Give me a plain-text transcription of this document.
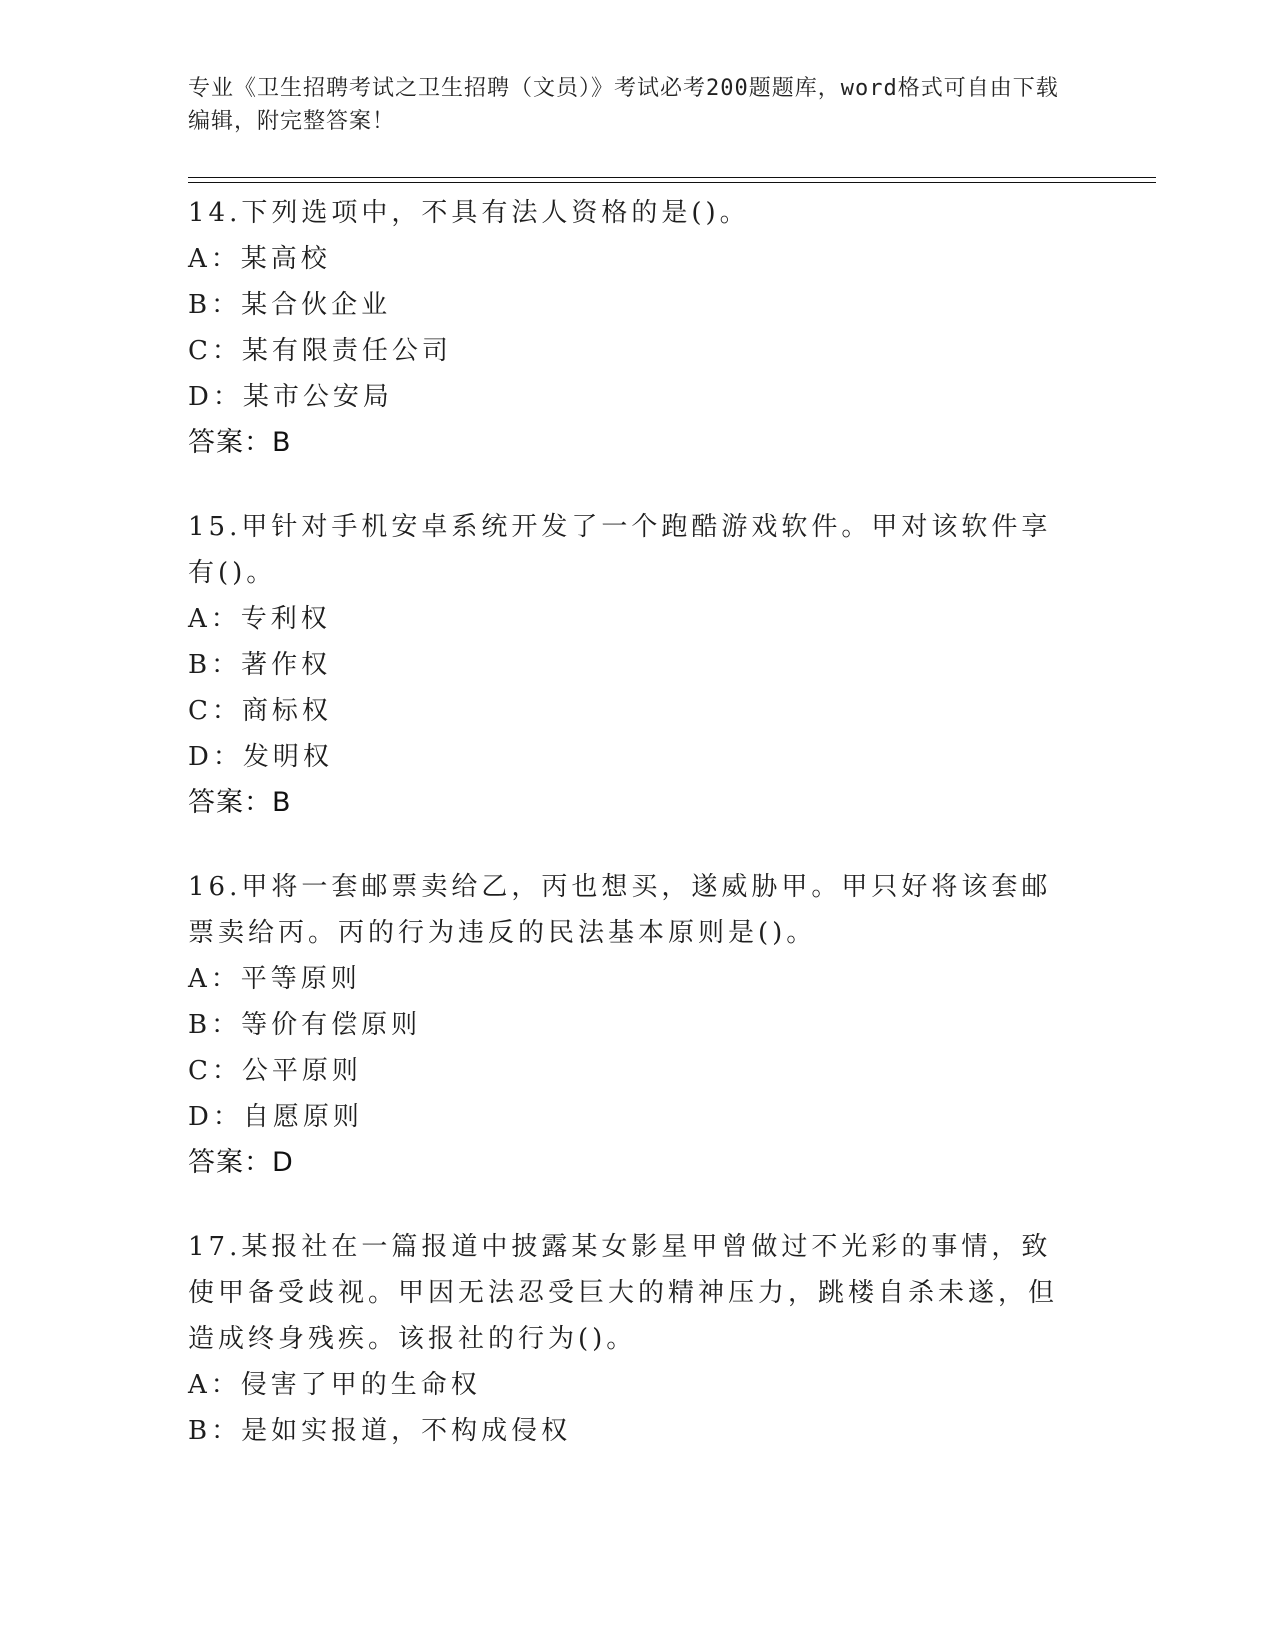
专业《卫生招聘考试之卫生招聘（文员）》考试必考200题题库，word格式可自由下载编辑，附完整答案！

14.下列选项中，不具有法人资格的是()。

A：某高校

B：某合伙企业

C：某有限责任公司

D：某市公安局

答案：B

15.甲针对手机安卓系统开发了一个跑酷游戏软件。甲对该软件享有()。

A：专利权

B：著作权

C：商标权

D：发明权

答案：B

16.甲将一套邮票卖给乙，丙也想买，遂威胁甲。甲只好将该套邮票卖给丙。丙的行为违反的民法基本原则是()。

A：平等原则

B：等价有偿原则

C：公平原则

D：自愿原则

答案：D

17.某报社在一篇报道中披露某女影星甲曾做过不光彩的事情，致使甲备受歧视。甲因无法忍受巨大的精神压力，跳楼自杀未遂，但造成终身残疾。该报社的行为()。

A：侵害了甲的生命权

B：是如实报道，不构成侵权
